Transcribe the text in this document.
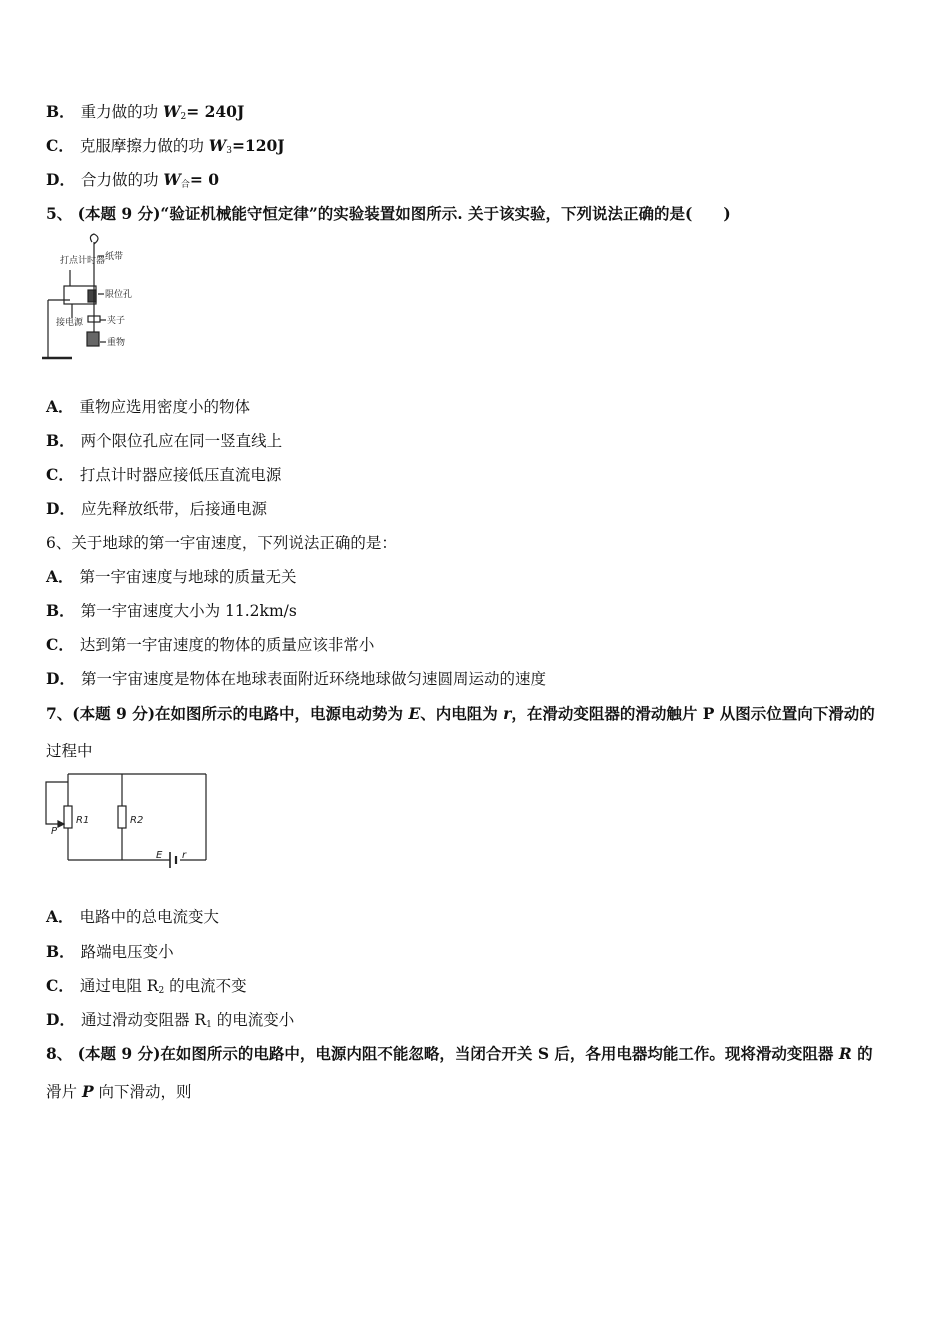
B． 重力做的功 $W_2= 240J$
C． 克服摩擦力做的功 $W_3=120J$
D． 合力做的功 $W_合= 0$
5、 (本题 9 分)“验证机械能守恒定律”的实验装置如图所示. 关于该实验，下列说法正确的是(　　)
打点计时器 纸带
限位孔
接电源	夹子
重物
A． 重物应选用密度小的物体
B． 两个限位孔应在同一竖直线上
C． 打点计时器应接低压直流电源
D． 应先释放纸带，后接通电源
6、关于地球的第一宇宙速度，下列说法正确的是：
A． 第一宇宙速度与地球的质量无关
B． 第一宇宙速度大小为 11.2km/s
C． 达到第一宇宙速度的物体的质量应该非常小
D． 第一宇宙速度是物体在地球表面附近环绕地球做匀速圆周运动的速度
7、(本题 9 分)在如图所示的电路中，电源电动势为 E、内电阻为 r，在滑动变阻器的滑动触片 P 从图示位置向下滑动的
过程中
R1	R2
P
E r
A． 电路中的总电流变大
B． 路端电压变小
C． 通过电阻 $R_2$ 的电流不变
D． 通过滑动变阻器 $R_1$ 的电流变小
8、 (本题 9 分)在如图所示的电路中，电源内阻不能忽略，当闭合开关 S 后，各用电器均能工作。现将滑动变阻器 R 的
滑片 P 向下滑动，则
